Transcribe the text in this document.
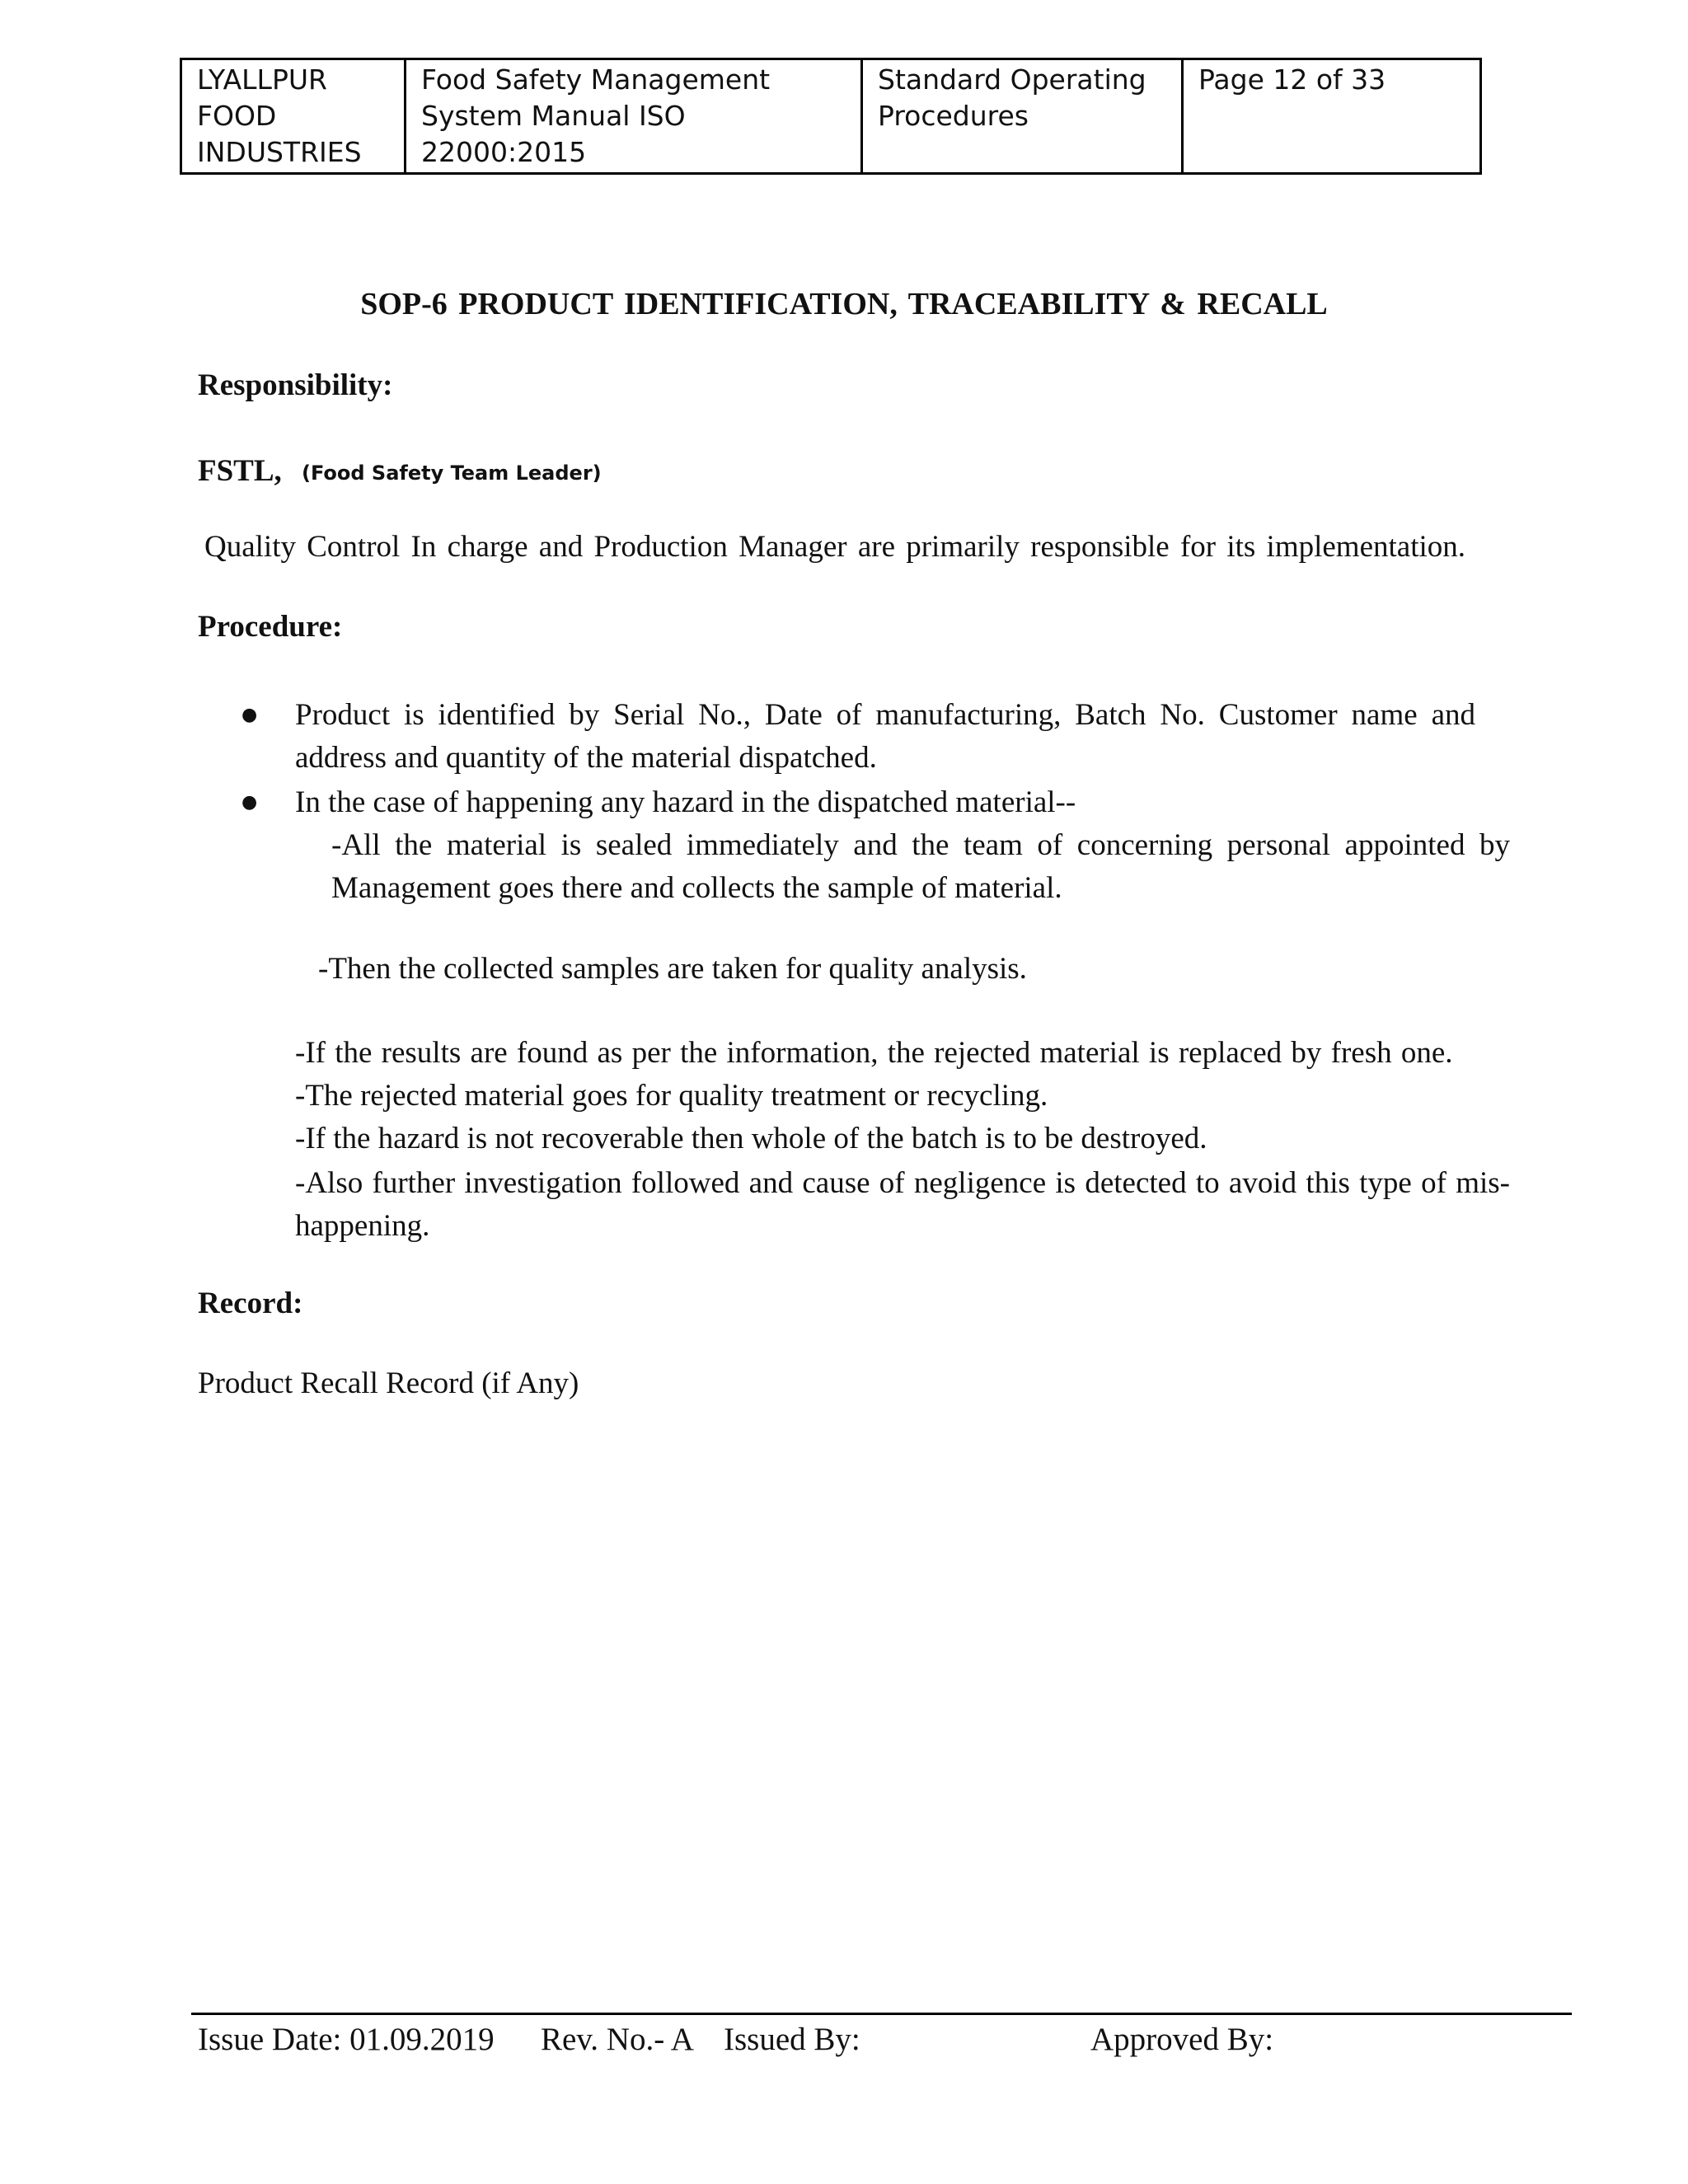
LYALLPUR FOOD INDUSTRIES	Food Safety Management System Manual ISO 22000:2015	Standard Operating Procedures	Page 12 of 33

SOP-6 PRODUCT IDENTIFICATION, TRACEABILITY & RECALL

Responsibility:

FSTL, (Food Safety Team Leader)

Quality Control In charge and Production Manager are primarily responsible for its implementation.

Procedure:

● Product is identified by Serial No., Date of manufacturing, Batch No. Customer name and address and quantity of the material dispatched.

● In the case of happening any hazard in the dispatched material--

-All the material is sealed immediately and the team of concerning personal appointed by Management goes there and collects the sample of material.

-Then the collected samples are taken for quality analysis.

-If the results are found as per the information, the rejected material is replaced by fresh one.

-The rejected material goes for quality treatment or recycling.

-If the hazard is not recoverable then whole of the batch is to be destroyed.

-Also further investigation followed and cause of negligence is detected to avoid this type of mis- happening.

Record:

Product Recall Record (if Any)

Issue Date: 01.09.2019 Rev. No.- A Issued By:	Approved By:
